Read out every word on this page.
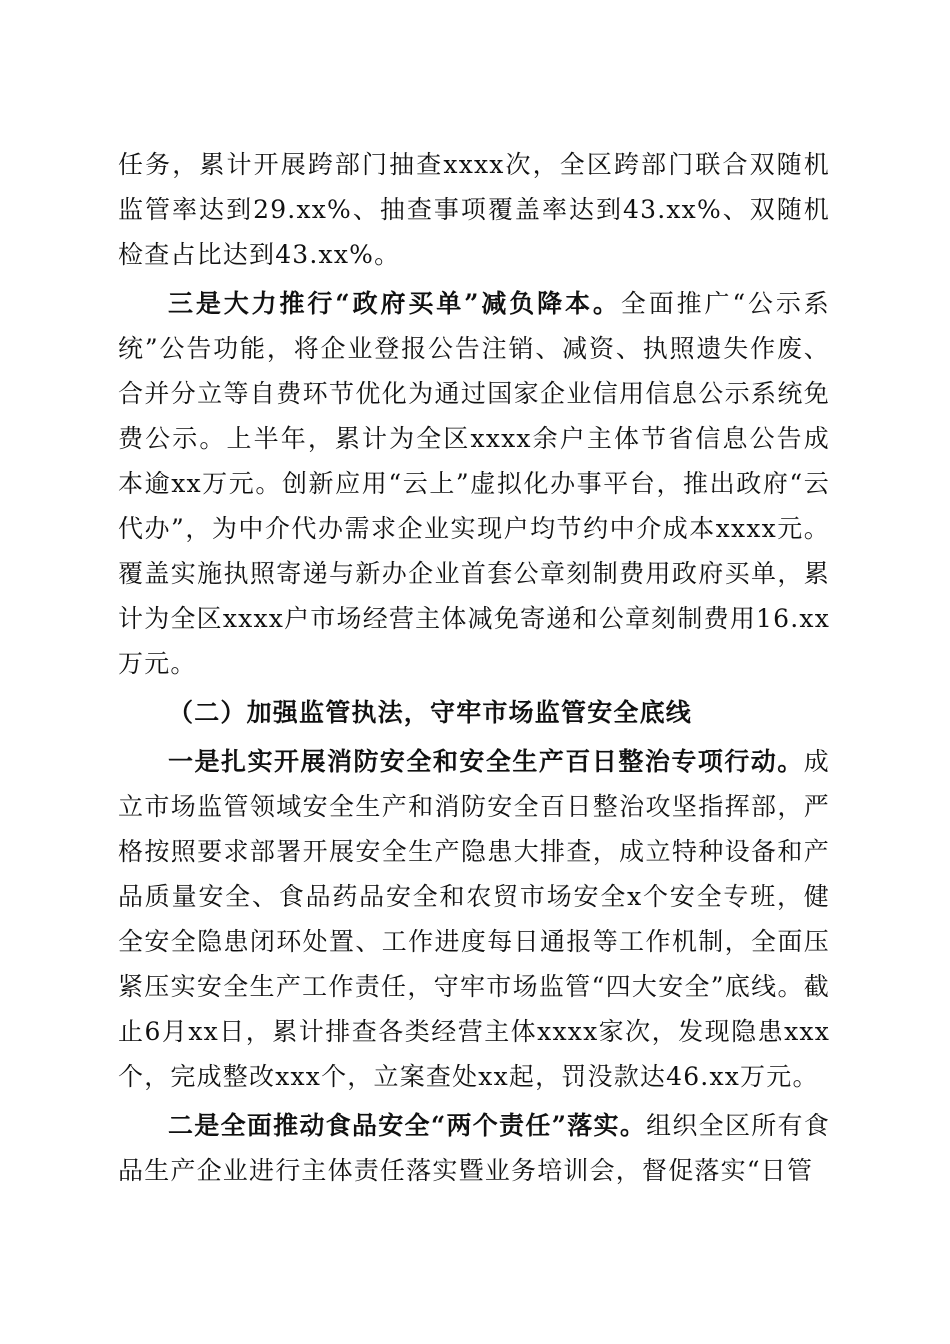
任务，累计开展跨部门抽查xxxx次，全区跨部门联合双随机监管率达到29.xx%、抽查事项覆盖率达到43.xx%、双随机检查占比达到43.xx%。

三是大力推行“政府买单”减负降本。全面推广“公示系统”公告功能，将企业登报公告注销、减资、执照遗失作废、合并分立等自费环节优化为通过国家企业信用信息公示系统免费公示。上半年，累计为全区xxxx余户主体节省信息公告成本逾xx万元。创新应用“云上”虚拟化办事平台，推出政府“云代办”，为中介代办需求企业实现户均节约中介成本xxxx元。覆盖实施执照寄递与新办企业首套公章刻制费用政府买单，累计为全区xxxx户市场经营主体减免寄递和公章刻制费用16.xx万元。

（二）加强监管执法，守牢市场监管安全底线

一是扎实开展消防安全和安全生产百日整治专项行动。成立市场监管领域安全生产和消防安全百日整治攻坚指挥部，严格按照要求部署开展安全生产隐患大排查，成立特种设备和产品质量安全、食品药品安全和农贸市场安全x个安全专班，健全安全隐患闭环处置、工作进度每日通报等工作机制，全面压紧压实安全生产工作责任，守牢市场监管“四大安全”底线。截止6月xx日，累计排查各类经营主体xxxx家次，发现隐患xxx个，完成整改xxx个，立案查处xx起，罚没款达46.xx万元。

二是全面推动食品安全“两个责任”落实。组织全区所有食品生产企业进行主体责任落实暨业务培训会，督促落实“日管
